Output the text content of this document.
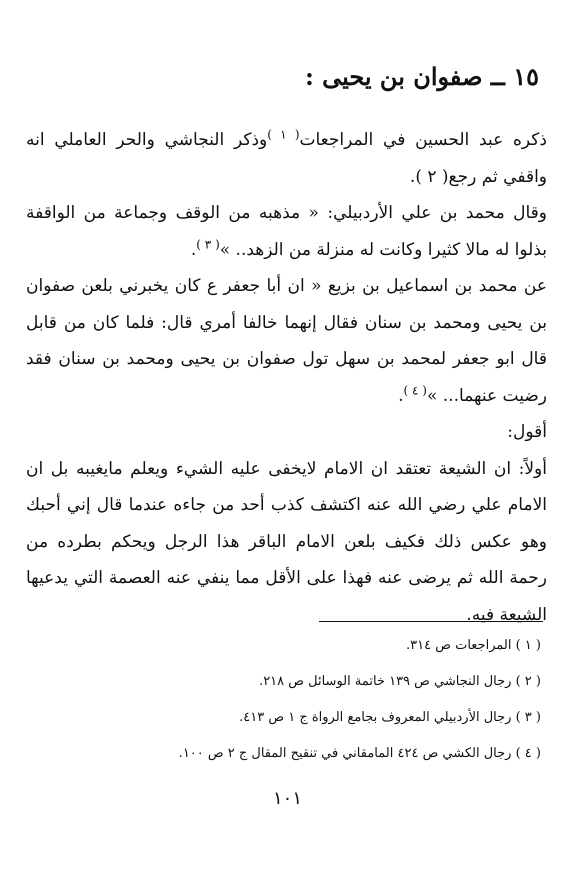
١٥ ــ صفوان بن يحيى :

ذكره عبد الحسين في المراجعات$^{( ١ )}$وذكر النجاشي والحر العاملي انه واقفي ثم رجع( ٢ ).

وقال محمد بن علي الأردبيلي: « مذهبه من الوقف وجماعة من الواقفة بذلوا له مالا كثيرا وكانت له منزلة من الزهد.. »$^{( ٣ )}$.

عن محمد بن اسماعيل بن بزيع « ان أبا جعفر ع كان يخبرني بلعن صفوان بن يحيى ومحمد بن سنان فقال إنهما خالفا أمري قال: فلما كان من قابل قال ابو جعفر لمحمد بن سهل تول صفوان بن يحيى ومحمد بن سنان فقد رضيت عنهما... »$^{( ٤ )}$.

أقول:

أولاً: ان الشيعة تعتقد ان الامام لايخفى عليه الشيء ويعلم مايغيبه بل ان الامام علي رضي الله عنه اكتشف كذب أحد من جاءه عندما قال إني أحبك وهو عكس ذلك فكيف بلعن الامام الباقر هذا الرجل ويحكم بطرده من رحمة الله ثم يرضى عنه فهذا على الأقل مما ينفي عنه العصمة التي يدعيها الشيعة فيه.

( ١ ) المراجعات ص ٣١٤.
( ٢ ) رجال النجاشي ص ١٣٩ خاتمة الوسائل ص ٢١٨.
( ٣ ) رجال الأردبيلي المعروف بجامع الرواة ج ١ ص ٤١٣.
( ٤ ) رجال الكشي ص ٤٢٤ المامقاني في تنقيح المقال ج ٢ ص ١٠٠.
١٠١
